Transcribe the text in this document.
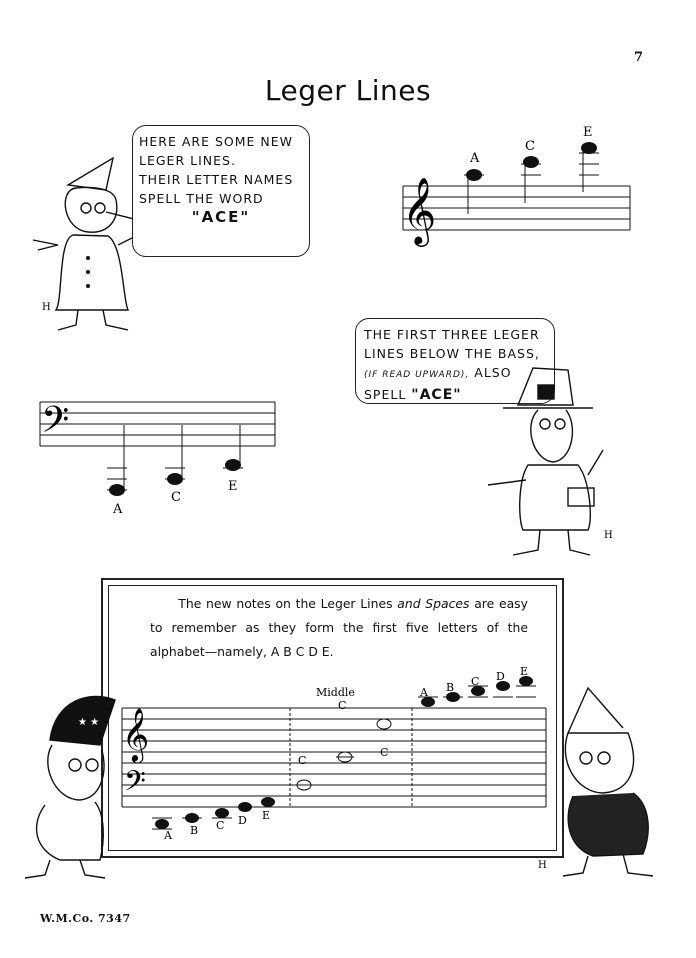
7
Leger Lines
H

HERE ARE SOME NEW

LEGER LINES.

THEIR LETTER NAMES

SPELL THE WORD

"ACE"	𝄞
A
C
E
𝄢
A
C
E

THE FIRST THREE LEGER

LINES BELOW THE BASS,

(IF READ UPWARD), ALSO

SPELL "ACE"

H
The new notes on the Leger Lines and Spaces are easy to remember as they form the first five letters of the alphabet—namely, A B C D E.
𝄞
𝄢
Middle
C
C
C
A B C D E
A B C D E
★ ★
H
W.M.Co. 7347
